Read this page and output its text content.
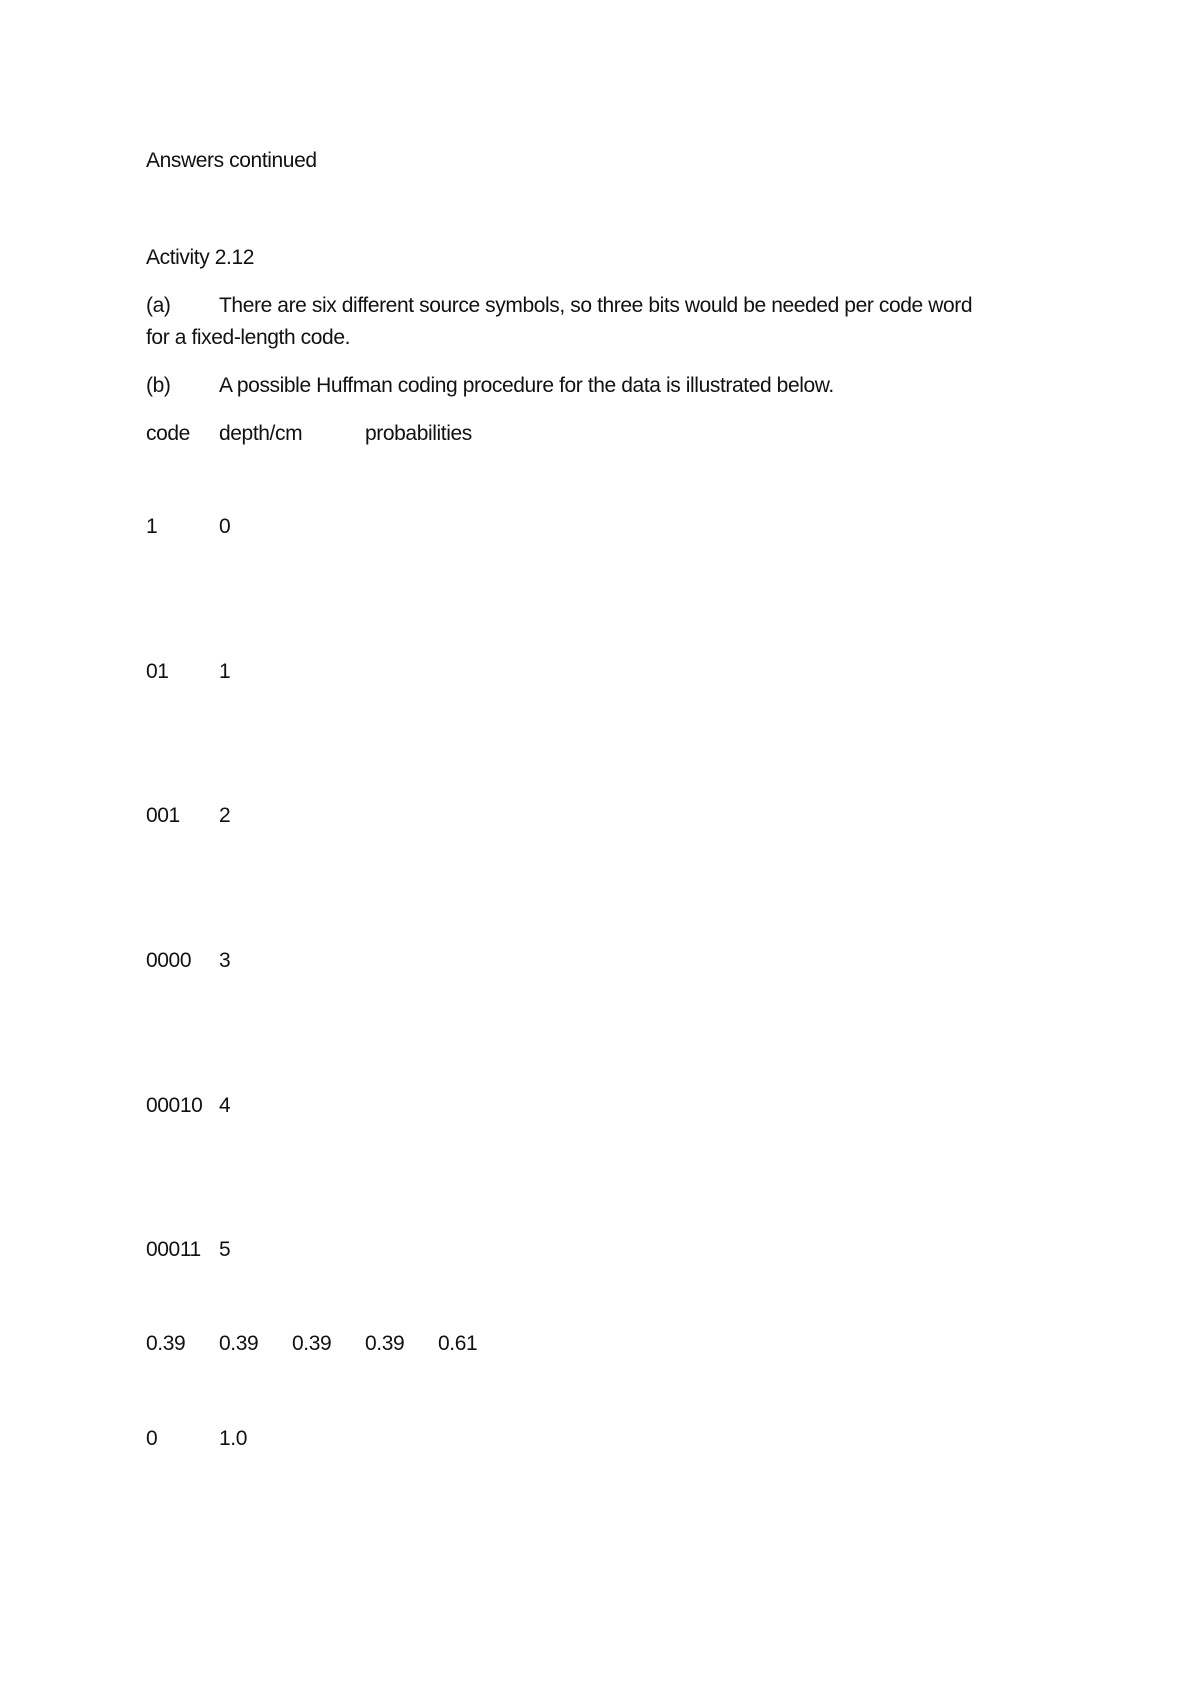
Answers continued
Activity 2.12
(a) There are six different source symbols, so three bits would be needed per code word
for a fixed-length code.
(b) A possible Huffman coding procedure for the data is illustrated below.
code depth/cm	probabilities
1	0
01 1
001 2
0000 3
00010 4
00011 5
0.39 0.39 0.39 0.39 0.61
0	1.0
